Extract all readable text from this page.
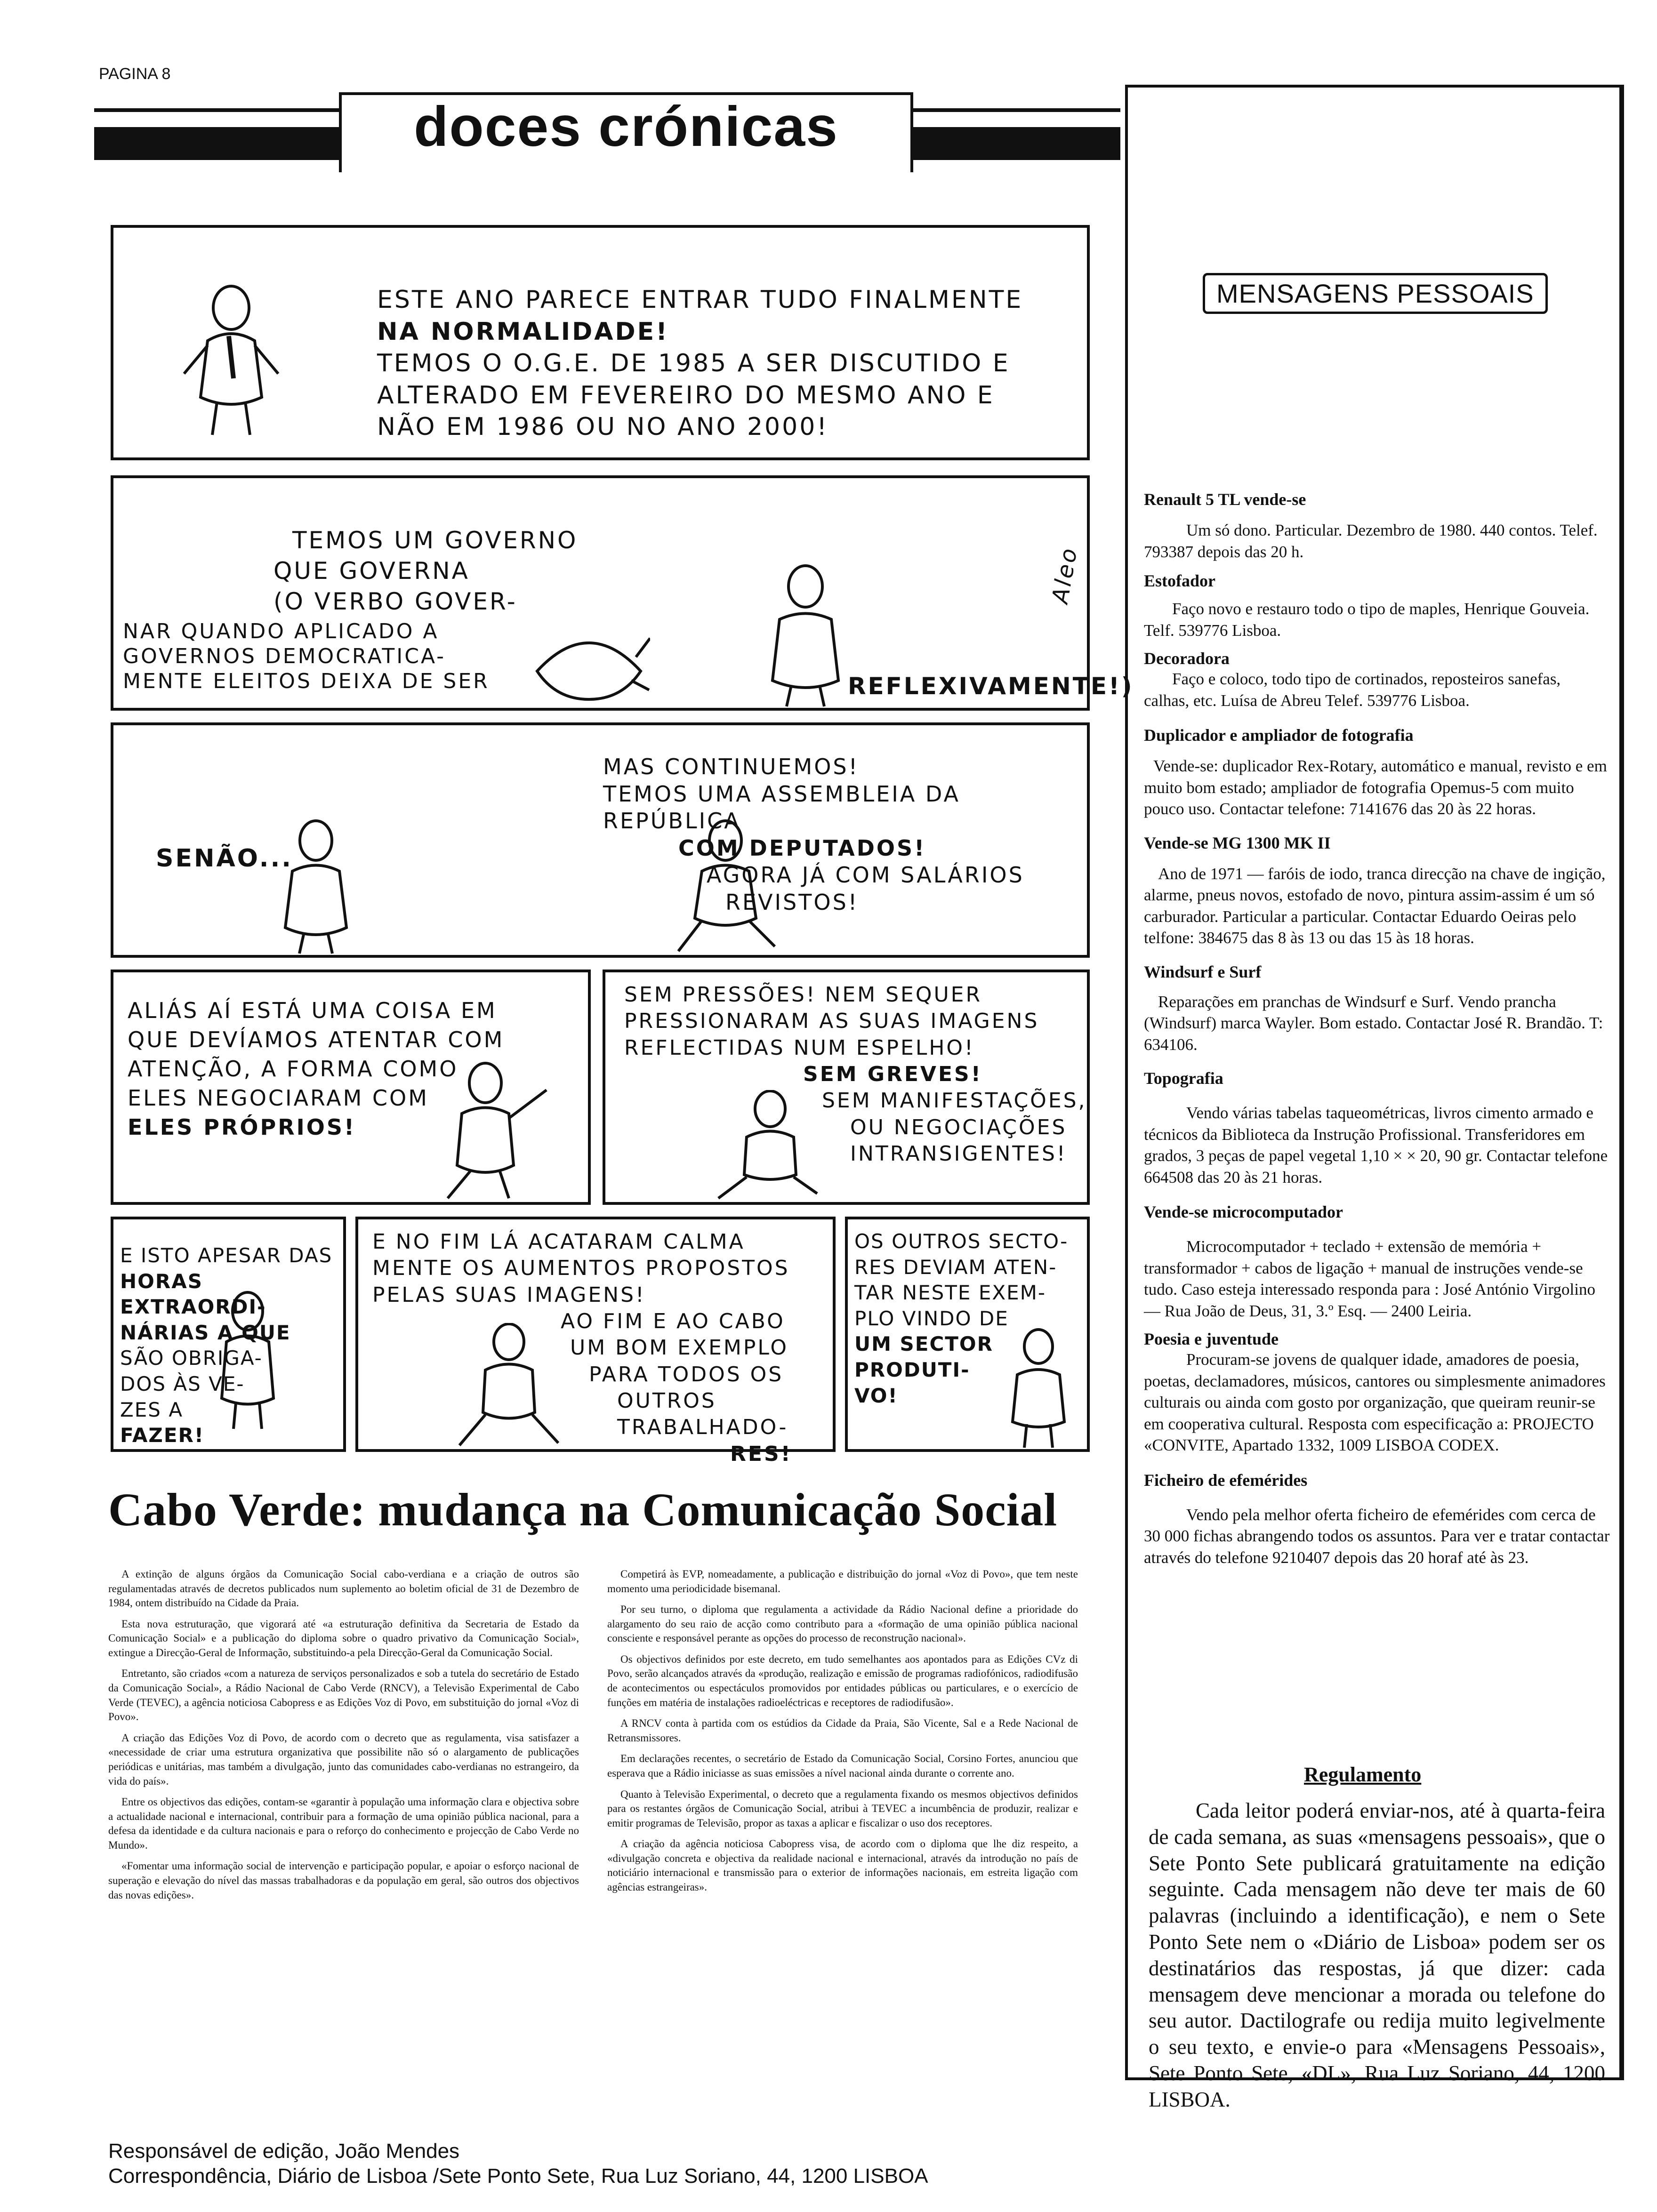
PAGINA 8
doces crónicas
ESTE ANO PARECE ENTRAR TUDO FINALMENTE
NA NORMALIDADE!
TEMOS O O.G.E. DE 1985 A SER DISCUTIDO E
ALTERADO EM FEVEREIRO DO MESMO ANO E
NÃO EM 1986 OU NO ANO 2000!
TEMOS UM GOVERNO
QUE GOVERNA
(O VERBO GOVER-
NAR QUANDO APLICADO A
GOVERNOS DEMOCRATICA-
MENTE ELEITOS DEIXA DE SER	REFLEXIVAMENTE!)
Aleo
SENÃO...
MAS CONTINUEMOS!
TEMOS UMA ASSEMBLEIA DA REPÚBLICA
COM DEPUTADOS!
AGORA JÁ COM SALÁRIOS
REVISTOS!
ALIÁS AÍ ESTÁ UMA COISA EM
QUE DEVÍAMOS ATENTAR COM
ATENÇÃO, A FORMA COMO
ELES NEGOCIARAM COM
ELES PRÓPRIOS!
SEM PRESSÕES! NEM SEQUER
PRESSIONARAM AS SUAS IMAGENS
REFLECTIDAS NUM ESPELHO!
SEM GREVES!
SEM MANIFESTAÇÕES,
OU NEGOCIAÇÕES
INTRANSIGENTES!
E ISTO APESAR DAS
HORAS EXTRAORDI-
NÁRIAS A QUE
SÃO OBRIGA-
DOS ÀS VE-
ZES A
FAZER!
E NO FIM LÁ ACATARAM CALMA
MENTE OS AUMENTOS PROPOSTOS
PELAS SUAS IMAGENS!
AO FIM E AO CABO
UM BOM EXEMPLO
PARA TODOS OS
OUTROS TRABALHADO-
RES!
OS OUTROS SECTO-
RES DEVIAM ATEN-
TAR NESTE EXEM-
PLO VINDO DE
UM SECTOR
PRODUTI-
VO!
Cabo Verde: mudança na Comunicação Social

A extinção de alguns órgãos da Comunicação Social cabo-verdiana e a criação de outros são regulamentadas através de decretos publicados num suplemento ao boletim oficial de 31 de Dezembro de 1984, ontem distribuído na Cidade da Praia.

Esta nova estruturação, que vigorará até «a estruturação definitiva da Secretaria de Estado da Comunicação Social» e a publicação do diploma sobre o quadro privativo da Comunicação Social», extingue a Direcção-Geral de Informação, substituindo-a pela Direcção-Geral da Comunicação Social.

Entretanto, são criados «com a natureza de serviços personalizados e sob a tutela do secretário de Estado da Comunicação Social», a Rádio Nacional de Cabo Verde (RNCV), a Televisão Experimental de Cabo Verde (TEVEC), a agência noticiosa Cabopress e as Edições Voz di Povo, em substituição do jornal «Voz di Povo».

A criação das Edições Voz di Povo, de acordo com o decreto que as regulamenta, visa satisfazer a «necessidade de criar uma estrutura organizativa que possibilite não só o alargamento de publicações periódicas e unitárias, mas também a divulgação, junto das comunidades cabo-verdianas no estrangeiro, da vida do país».

Entre os objectivos das edições, contam-se «garantir à população uma informação clara e objectiva sobre a actualidade nacional e internacional, contribuir para a formação de uma opinião pública nacional, para a defesa da identidade e da cultura nacionais e para o reforço do conhecimento e projecção de Cabo Verde no Mundo».

«Fomentar uma informação social de intervenção e participação popular, e apoiar o esforço nacional de superação e elevação do nível das massas trabalhadoras e da população em geral, são outros dos objectivos das novas edições».

Competirá às EVP, nomeadamente, a publicação e distribuição do jornal «Voz di Povo», que tem neste momento uma periodicidade bisemanal.

Por seu turno, o diploma que regulamenta a actividade da Rádio Nacional define a prioridade do alargamento do seu raio de acção como contributo para a «formação de uma opinião pública nacional consciente e responsável perante as opções do processo de reconstrução nacional».

Os objectivos definidos por este decreto, em tudo semelhantes aos apontados para as Edições CVz di Povo, serão alcançados através da «produção, realização e emissão de programas radiofónicos, radiodifusão de acontecimentos ou espectáculos promovidos por entidades públicas ou particulares, e o exercício de funções em matéria de instalações radioeléctricas e receptores de radiodifusão».

A RNCV conta à partida com os estúdios da Cidade da Praia, São Vicente, Sal e a Rede Nacional de Retransmissores.

Em declarações recentes, o secretário de Estado da Comunicação Social, Corsino Fortes, anunciou que esperava que a Rádio iniciasse as suas emissões a nível nacional ainda durante o corrente ano.

Quanto à Televisão Experimental, o decreto que a regulamenta fixando os mesmos objectivos definidos para os restantes órgãos de Comunicação Social, atribui à TEVEC a incumbência de produzir, realizar e emitir programas de Televisão, propor as taxas a aplicar e fiscalizar o uso dos receptores.

A criação da agência noticiosa Cabopress visa, de acordo com o diploma que lhe diz respeito, a «divulgação concreta e objectiva da realidade nacional e internacional, através da introdução no país de noticiário internacional e transmissão para o exterior de informações nacionais, em estreita ligação com agências estrangeiras».

MENSAGENS PESSOAIS

Renault 5 TL vende-se

Um só dono. Particular. Dezembro de 1980. 440 contos. Telef. 793387 depois das 20 h.

Estofador

Faço novo e restauro todo o tipo de maples, Henrique Gouveia. Telf. 539776 Lisboa.

Decoradora

Faço e coloco, todo tipo de cortinados, reposteiros sanefas, calhas, etc. Luísa de Abreu Telef. 539776 Lisboa.

Duplicador e ampliador de fotografia

Vende-se: duplicador Rex-Rotary, automático e manual, revisto e em muito bom estado; ampliador de fotografia Opemus-5 com muito pouco uso. Contactar telefone: 7141676 das 20 às 22 horas.

Vende-se MG 1300 MK II

Ano de 1971 — faróis de iodo, tranca direcção na chave de ingição, alarme, pneus novos, estofado de novo, pintura assim-assim é um só carburador. Particular a particular. Contactar Eduardo Oeiras pelo telfone: 384675 das 8 às 13 ou das 15 às 18 horas.

Windsurf e Surf

Reparações em pranchas de Windsurf e Surf. Vendo prancha (Windsurf) marca Wayler. Bom estado. Contactar José R. Brandão. T: 634106.

Topografia

Vendo várias tabelas taqueométricas, livros cimento armado e técnicos da Biblioteca da Instrução Profissional. Transferidores em grados, 3 peças de papel vegetal 1,10 × × 20, 90 gr. Contactar telefone 664508 das 20 às 21 horas.

Vende-se microcomputador

Microcomputador + teclado + extensão de memória + transformador + cabos de ligação + manual de instruções vende-se tudo. Caso esteja interessado responda para : José António Virgolino — Rua João de Deus, 31, 3.º Esq. — 2400 Leiria.

Poesia e juventude

Procuram-se jovens de qualquer idade, amadores de poesia, poetas, declamadores, músicos, cantores ou simplesmente animadores culturais ou ainda com gosto por organização, que queiram reunir-se em cooperativa cultural. Resposta com especificação a: PROJECTO «CONVITE, Apartado 1332, 1009 LISBOA CODEX.

Ficheiro de efemérides

Vendo pela melhor oferta ficheiro de efemérides com cerca de 30 000 fichas abrangendo todos os assuntos. Para ver e tratar contactar através do telefone 9210407 depois das 20 horaf até às 23.

Regulamento
Cada leitor poderá enviar-nos, até à quarta-feira de cada semana, as suas «mensagens pessoais», que o Sete Ponto Sete publicará gratuitamente na edição seguinte. Cada mensagem não deve ter mais de 60 palavras (incluindo a identificação), e nem o Sete Ponto Sete nem o «Diário de Lisboa» podem ser os destinatários das respostas, já que dizer: cada mensagem deve mencionar a morada ou telefone do seu autor. Dactilografe ou redija muito legivelmente o seu texto, e envie-o para «Mensagens Pessoais», Sete Ponto Sete, «DL», Rua Luz Soriano, 44, 1200 LISBOA.
Responsável de edição, João Mendes
Correspondência, Diário de Lisboa /Sete Ponto Sete, Rua Luz Soriano, 44, 1200 LISBOA
